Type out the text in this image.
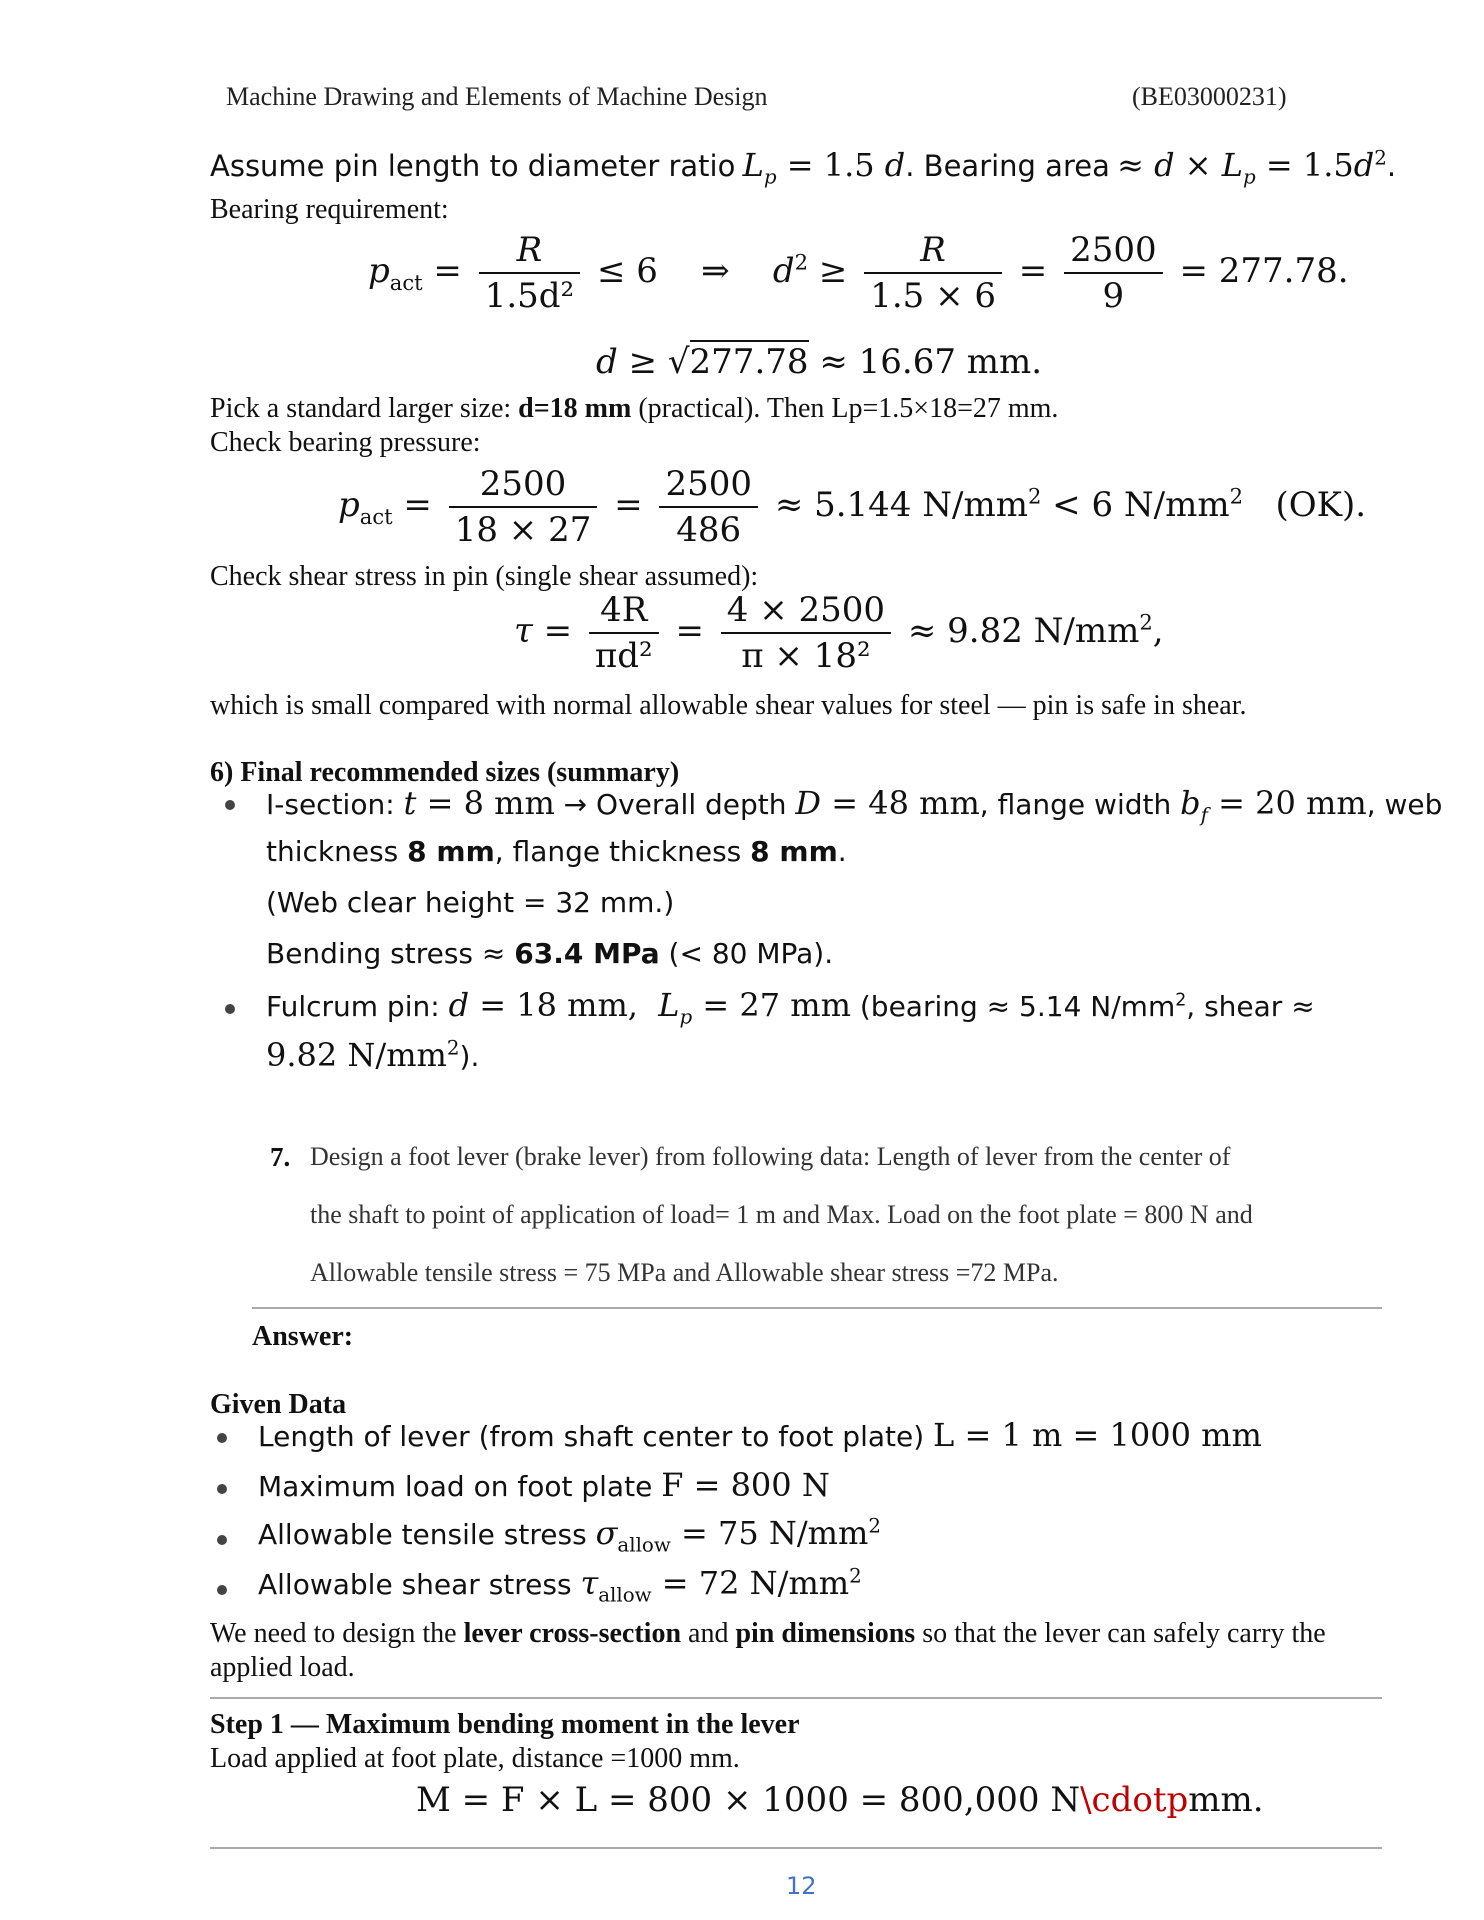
Machine Drawing and Elements of Machine Design	(BE03000231)
Assume pin length to diameter ratio $L_p = 1.5$ d. Bearing area ≈ $d \times L_p = 1.5d^2$.
Bearing requirement:
$p_{act} = \frac{R}{\text{1.5d²}} \le 6$    ⇒    $d^2 \ge \frac{R}{1.5 \times 6} = \frac{2500}{9} = 277.78$.
d ≥ √277.78 ≈ 16.67 mm.
Pick a standard larger size: d=18 mm (practical). Then Lp=1.5×18=27 mm.
Check bearing pressure:
$p_{act} = \frac{2500}{18 \times 27} = \frac{2500}{486} \approx 5.144$ $N/mm^2 < 6$ $N/mm^2$ (OK).
Check shear stress in pin (single shear assumed):
$\tau = \frac{4R}{\text{πd²}} = \frac{4 \times 2500}{\text{π × 18²}} \approx 9.82$ $N/mm^2$,
which is small compared with normal allowable shear values for steel — pin is safe in shear.
6) Final recommended sizes (summary)
I-section: t = 8 mm → Overall depth D = 48 mm, flange width $b_f = 20$ mm, web
thickness 8 mm, flange thickness 8 mm.
(Web clear height = 32 mm.)
Bending stress ≈ 63.4 MPa (< 80 MPa).
Fulcrum pin: d = 18 mm,  $L_p = 27$ mm (bearing ≈ 5.14 $N/mm^2$, shear ≈
9.82 $N/mm^2$).
7. Design a foot lever (brake lever) from following data: Length of lever from the center of
the shaft to point of application of load= 1 m and Max. Load on the foot plate = 800 N and
Allowable tensile stress = 75 MPa and Allowable shear stress =72 MPa.
Answer:
Given Data
Length of lever (from shaft center to foot plate) L = 1 m = 1000 mm
Maximum load on foot plate F = 800 N
Allowable tensile stress $\sigma_{allow} = 75$ $N/mm^2$
Allowable shear stress $\tau_{allow} = 72$ $N/mm^2$
We need to design the lever cross-section and pin dimensions so that the lever can safely carry the
applied load.
Step 1 — Maximum bending moment in the lever
Load applied at foot plate, distance =1000 mm.
M = F × L = 800 × 1000 = 800,000 N\cdotpmm.
12
